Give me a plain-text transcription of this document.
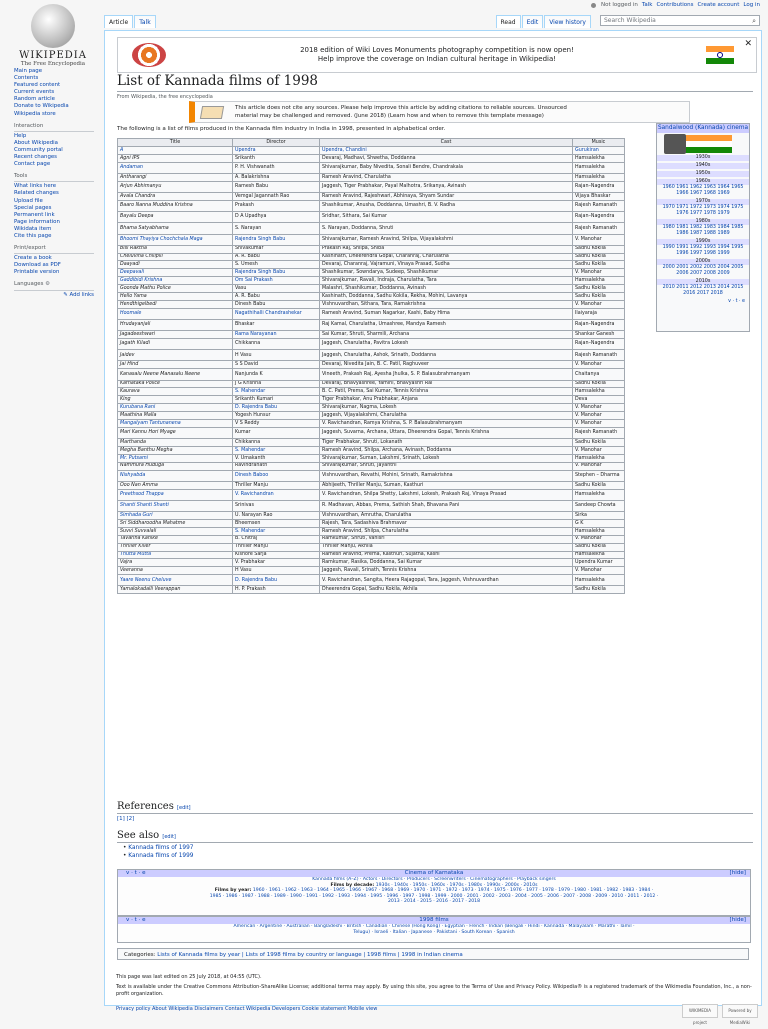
Not logged in Talk Contributions Create account Log in
WIKIPEDIA
The Free Encyclopedia
Main page
Contents
Featured content
Current events
Random article
Donate to Wikipedia
Wikipedia store
Interaction
Help
About Wikipedia
Community portal
Recent changes
Contact page
Tools
What links here
Related changes
Upload file
Special pages
Permanent link
Page information
Wikidata item
Cite this page
Print/export
Create a book
Download as PDF
Printable version
Languages ⚙
✎ Add links
Article	Talk	Read	Edit	View history	Search Wikipedia	⌕
2018 edition of Wiki Loves Monuments photography competition is now open!
Help improve the coverage on Indian cultural heritage in Wikipedia!
✕
List of Kannada films of 1998
From Wikipedia, the free encyclopedia
This article does not cite any sources. Please help improve this article by adding citations to reliable sources. Unsourced
material may be challenged and removed. (June 2018) (Learn how and when to remove this template message)
The following is a list of films produced in the Kannada film industry in India in 1998, presented in alphabetical order.
Title	Director	Cast	Music
A	Upendra	Upendra, Chandini	Gurukiran
Agni IPS	Srikanth	Devaraj, Madhavi, Shwetha, Doddanna	Hamsalekha
Andaman	P. H. Vishwanath	Shivarajkumar, Baby Nivedita, Sonali Bendre, Chandrakala	Hamsalekha
Antharangi	A. Balakrishna	Ramesh Aravind, Charulatha	Hamsalekha
Arjun Abhimanyu	Ramesh Babu	Jaggesh, Tiger Prabhakar, Payal Malhotra, Srikanya, Avinash	Rajan–Nagendra
Avala Chandra	Vemgal Jagannath Rao	Ramesh Aravind, Rajeshwari, Abhinaya, Shyam Sundar	Vijaya Bhaskar
Baaro Nanna Muddina Krishna	Prakash	Shashikumar, Anusha, Doddanna, Umashri, B. V. Radha	Rajesh Ramanath
Bayalu Deepa	D A Upadhya	Sridhar, Sithara, Sai Kumar	Rajan–Nagendra
Bhama Satyabhama	S. Narayan	S. Narayan, Doddanna, Shruti	Rajesh Ramanath
Bhoomi Thayiya Chochchala Maga	Rajendra Singh Babu	Shivarajkumar, Ramesh Aravind, Shilpa, Vijayalakshmi	V. Manohar
Bisi Raktha	Shivakumar	Prakash Raj, Shilpa, Shiba	Sadhu Kokila
Cheluvina Chilipili	A. R. Babu	Kashinath, Dheerendra Gopal, Charanraj, Charulatha	Sadhu Kokila
Daayadi	S. Umesh	Devaraj, Charanraj, Vajramuni, Vinaya Prasad, Sudha	Sadhu Kokila
Deepavali	Rajendra Singh Babu	Shashikumar, Sowndarya, Sudeep, Shashikumar	V. Manohar
Gaddibidi Krishna	Om Sai Prakash	Shivarajkumar, Ravali, Indraja, Charulatha, Tara	Hamsalekha
Goonda Mathu Police	Vasu	Malashri, Shashikumar, Doddanna, Avinash	Sadhu Kokila
Hello Yama	A. R. Babu	Kashinath, Doddanna, Sadhu Kokila, Rekha, Mohini, Lavanya	Sadhu Kokila
Hendthigelbedi	Dinesh Babu	Vishnuvardhan, Sithara, Tara, Ramakrishna	V. Manohar
Hoomale	Nagathihalli Chandrashekar	Ramesh Aravind, Suman Nagarkar, Kashi, Baby Hima	Ilaiyaraja
Hrudayanjali	Bhaskar	Raj Kamal, Charulatha, Umashree, Mandya Ramesh	Rajan–Nagendra
Jagadeeshwari	Rama Narayanan	Sai Kumar, Shruti, Sharmili, Archana	Shankar Ganesh
Jagath Kiladi	Chikkanna	Jaggesh, Charulatha, Pavitra Lokesh	Rajan–Nagendra
Jaidev	H Vasu	Jaggesh, Charulatha, Ashok, Srinath, Doddanna	Rajesh Ramanath
Jai Hind	S S David	Devaraj, Nivedita Jain, B. C. Patil, Raghuveer	V. Manohar
Kanasalu Neene Manasalu Neene	Nanjunda K	Vineeth, Prakash Raj, Ayesha Jhulka, S. P. Balasubrahmanyam	Chaitanya
Karnataka Police	J G Krishna	Devaraj, Bhavyashree, Yamini, Bhavyashri Rai	Sadhu Kokila
Kaurava	S. Mahendar	B. C. Patil, Prema, Sai Kumar, Tennis Krishna	Hamsalekha
King	Srikanth Kumari	Tiger Prabhakar, Anu Prabhakar, Anjana	Deva
Kurubana Rani	D. Rajendra Babu	Shivarajkumar, Nagma, Lokesh	V. Manohar
Maathina Malla	Yogesh Hunsur	Jaggesh, Vijayalakshmi, Charulatha	V. Manohar
Mangalyam Tantunanena	V S Reddy	V. Ravichandran, Ramya Krishna, S. P. Balasubrahmanyam	V. Manohar
Mari Kannu Hori Myage	Kumar	Jaggesh, Suvarna, Archana, Uttara, Dheerendra Gopal, Tennis Krishna	Rajesh Ramanath
Marthanda	Chikkanna	Tiger Prabhakar, Shruti, Lokanath	Sadhu Kokila
Megha Banthu Megha	S. Mahendar	Ramesh Aravind, Shilpa, Archana, Avinash, Doddanna	V. Manohar
Mr. Putsami	V. Umakanth	Shivarajkumar, Suman, Lakshmi, Srinath, Lokesh	Hamsalekha
Nammura Huduga	Ravindranath	Shivarajkumar, Shruti, Jayanthi	V. Manohar
Nishyabda	Dinesh Baboo	Vishnuvardhan, Revathi, Mohini, Srinath, Ramakrishna	Stephen – Dharma
Ooo Nan Amma	Thriller Manju	Abhijeeth, Thriller Manju, Suman, Kasthuri	Sadhu Kokila
Preethsod Thappa	V. Ravichandran	V. Ravichandran, Shilpa Shetty, Lakshmi, Lokesh, Prakash Raj, Vinaya Prasad	Hamsalekha
Shanti Shanti Shanti	Srinivas	R. Madhavan, Abbas, Prema, Sathish Shah, Bhavana Pani	Sandeep Chowta
Simhada Guri	U. Narayan Rao	Vishnuvardhan, Amrutha, Charulatha	Sirka
Sri Siddharoodha Mahatme	Bheemsen	Rajesh, Tara, Sadashiva Brahmavar	G K
Suvvi Suvvalali	S. Mahendar	Ramesh Aravind, Shilpa, Charulatha	Hamsalekha
Tavarina Kanike	B. Chitraj	Ramkumar, Shruti, Vanisri	V. Manohar
Thriller Killer	Thriller Manju	Thriller Manju, Akhila	Sadhu Kokila
Thutta Mutta	Kishore Sarja	Ramesh Aravind, Prema, Kasthuri, Sujatha, Kashi	Hamsalekha
Vajra	V. Prabhakar	Ramkumar, Rasika, Doddanna, Sai Kumar	Upendra Kumar
Veeranna	H Vasu	Jaggesh, Ravali, Srinath, Tennis Krishna	V. Manohar
Yaare Neenu Cheluve	D. Rajendra Babu	V. Ravichandran, Sangita, Heera Rajagopal, Tara, Jaggesh, Vishnuvardhan	Hamsalekha
Yamalokadalli Veerappan	H. P. Prakash	Dheerendra Gopal, Sadhu Kokila, Akhila	Sadhu Kokila
Sandalwood (Kannada) cinema
1930s
1940s
1950s
1960s
1960 1961 1962 1963 1964 1965 1966 1967 1968 1969
1970s
1970 1971 1972 1973 1974 1975 1976 1977 1978 1979
1980s
1980 1981 1982 1983 1984 1985 1986 1987 1988 1989
1990s
1990 1991 1992 1993 1994 1995 1996 1997 1998 1999
2000s
2000 2001 2002 2003 2004 2005 2006 2007 2008 2009
2010s
2010 2011 2012 2013 2014 2015 2016 2017 2018
v · t · e
References [edit]
[1] [2]
See also [edit]
• Kannada films of 1997
• Kannada films of 1999
v · t · e	Cinema of Karnataka	[hide]
Kannada films (A–Z) · Actors · Directors · Producers · Screenwriters · Cinematographers · Playback singers
Films by decade: 1930s · 1940s · 1950s · 1960s · 1970s · 1980s · 1990s · 2000s · 2010s
Films by year: 1960 · 1961 · 1962 · 1963 · 1964 · 1965 · 1966 · 1967 · 1968 · 1969 · 1970 · 1971 · 1972 · 1973 · 1974 · 1975 · 1976 · 1977 · 1978 · 1979 · 1980 · 1981 · 1982 · 1983 · 1984 ·
1985 · 1986 · 1987 · 1988 · 1989 · 1990 · 1991 · 1992 · 1993 · 1994 · 1995 · 1996 · 1997 · 1998 · 1999 · 2000 · 2001 · 2002 · 2003 · 2004 · 2005 · 2006 · 2007 · 2008 · 2009 · 2010 · 2011 · 2012 ·
2013 · 2014 · 2015 · 2016 · 2017 · 2018
v · t · e	1998 films	[hide]
American · Argentine · Australian · Bangladeshi · British · Canadian · Chinese (Hong Kong) · Egyptian · French · Indian (Bengali · Hindi · Kannada · Malayalam · Marathi · Tamil ·
Telugu) · Israeli · Italian · Japanese · Pakistani · South Korean · Spanish
Categories: Lists of Kannada films by year | Lists of 1998 films by country or language | 1998 films | 1998 in Indian cinema
This page was last edited on 25 July 2018, at 04:55 (UTC).
Text is available under the Creative Commons Attribution-ShareAlike License; additional terms may apply. By using this site, you agree to the Terms of Use and Privacy Policy. Wikipedia® is a registered trademark of the Wikimedia Foundation, Inc., a non-profit organization.
Privacy policy About Wikipedia Disclaimers Contact Wikipedia Developers Cookie statement Mobile view	WIKIMEDIA project
Powered by MediaWiki
